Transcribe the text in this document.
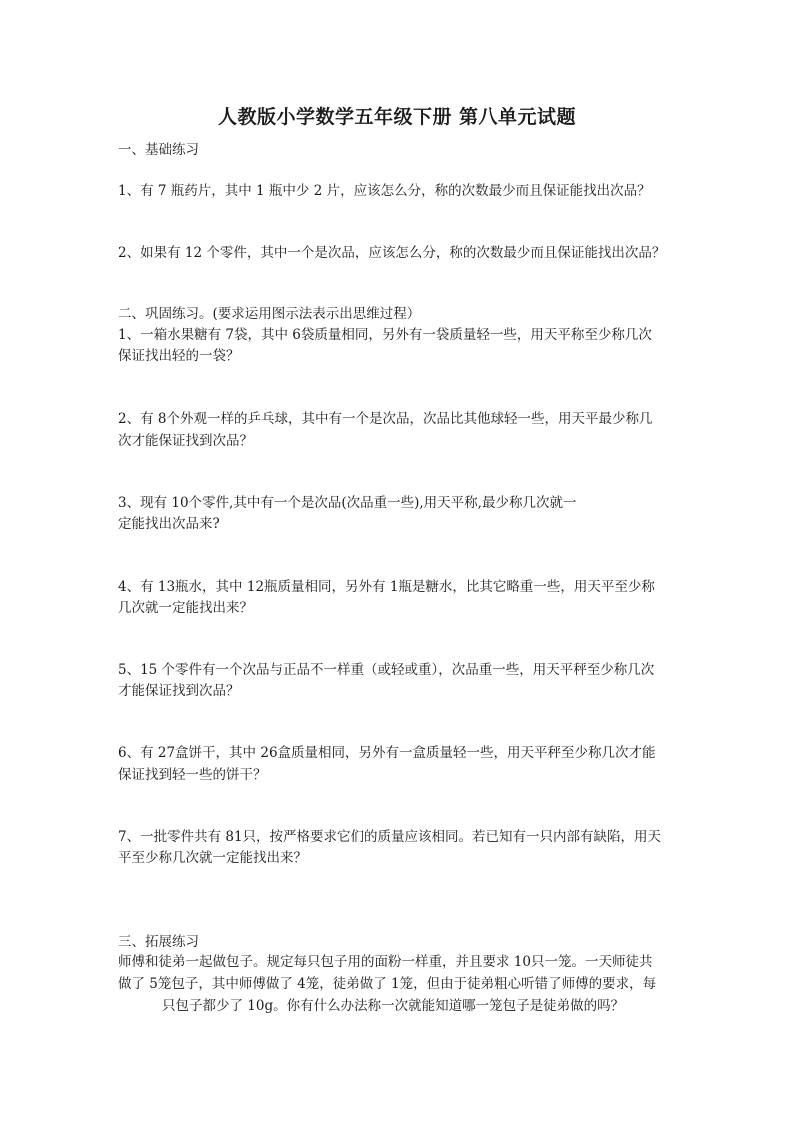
人教版小学数学五年级下册 第八单元试题
一、基础练习
1、有 7 瓶药片，其中 1 瓶中少 2 片，应该怎么分，称的次数最少而且保证能找出次品？
2、如果有 12 个零件，其中一个是次品，应该怎么分，称的次数最少而且保证能找出次品？
二、巩固练习。(要求运用图示法表示出思维过程）
1、一箱水果糖有 7袋，其中 6袋质量相同，另外有一袋质量轻一些，用天平称至少称几次
保证找出轻的一袋？
2、有 8个外观一样的乒乓球，其中有一个是次品，次品比其他球轻一些，用天平最少称几
次才能保证找到次品？
3、现有 10个零件,其中有一个是次品(次品重一些),用天平称,最少称几次就一
定能找出次品来?
4、有 13瓶水，其中 12瓶质量相同，另外有 1瓶是糖水，比其它略重一些，用天平至少称
几次就一定能找出来？
5、15 个零件有一个次品与正品不一样重（或轻或重），次品重一些，用天平秤至少称几次
才能保证找到次品？
6、有 27盒饼干，其中 26盒质量相同，另外有一盒质量轻一些，用天平秤至少称几次才能
保证找到轻一些的饼干？
7、一批零件共有 81只，按严格要求它们的质量应该相同。若已知有一只内部有缺陷，用天
平至少称几次就一定能找出来？
三、拓展练习
师傅和徒弟一起做包子。规定每只包子用的面粉一样重，并且要求 10只一笼。一天师徒共
做了 5笼包子，其中师傅做了 4笼，徒弟做了 1笼，但由于徒弟粗心听错了师傅的要求，每
只包子都少了 10g。你有什么办法称一次就能知道哪一笼包子是徒弟做的吗？
